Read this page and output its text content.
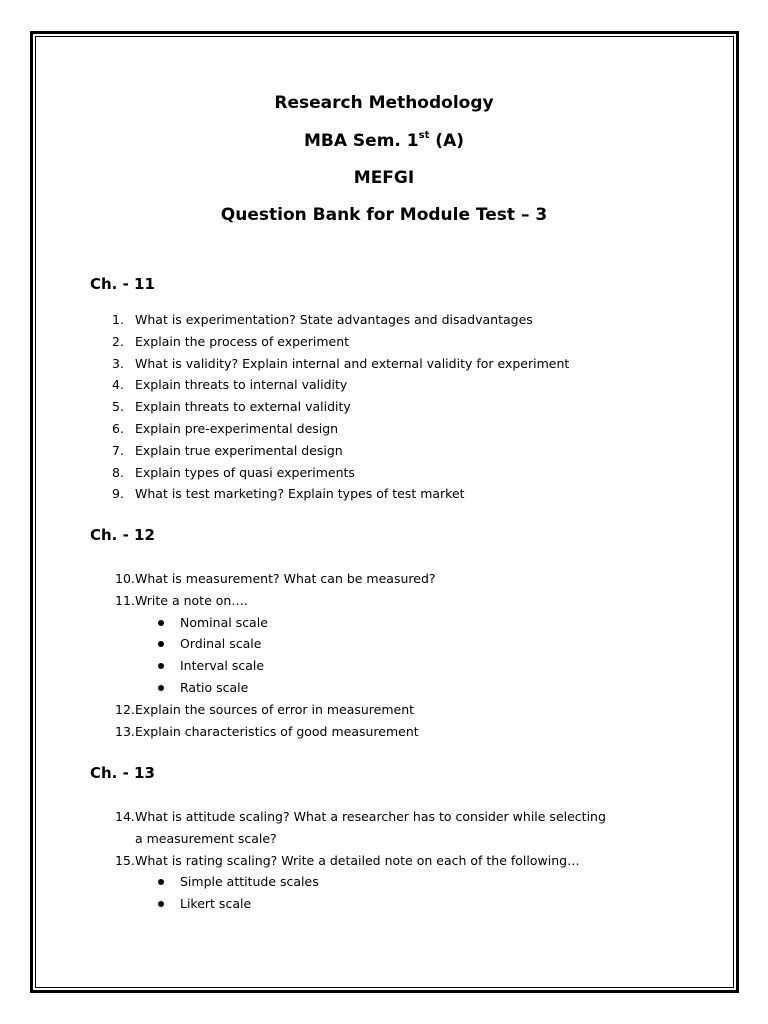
Research Methodology
MBA Sem. 1st (A)
MEFGI
Question Bank for Module Test – 3
Ch. - 11
1. What is experimentation? State advantages and disadvantages
2. Explain the process of experiment
3. What is validity? Explain internal and external validity for experiment
4. Explain threats to internal validity
5. Explain threats to external validity
6. Explain pre-experimental design
7. Explain true experimental design
8. Explain types of quasi experiments
9. What is test marketing? Explain types of test market
Ch. - 12
10. What is measurement? What can be measured?
11. Write a note on….
Nominal scale
Ordinal scale
Interval scale
Ratio scale
12. Explain the sources of error in measurement
13. Explain characteristics of good measurement
Ch. - 13
14. What is attitude scaling? What a researcher has to consider while selecting a measurement scale?
15. What is rating scaling? Write a detailed note on each of the following…
Simple attitude scales
Likert scale
